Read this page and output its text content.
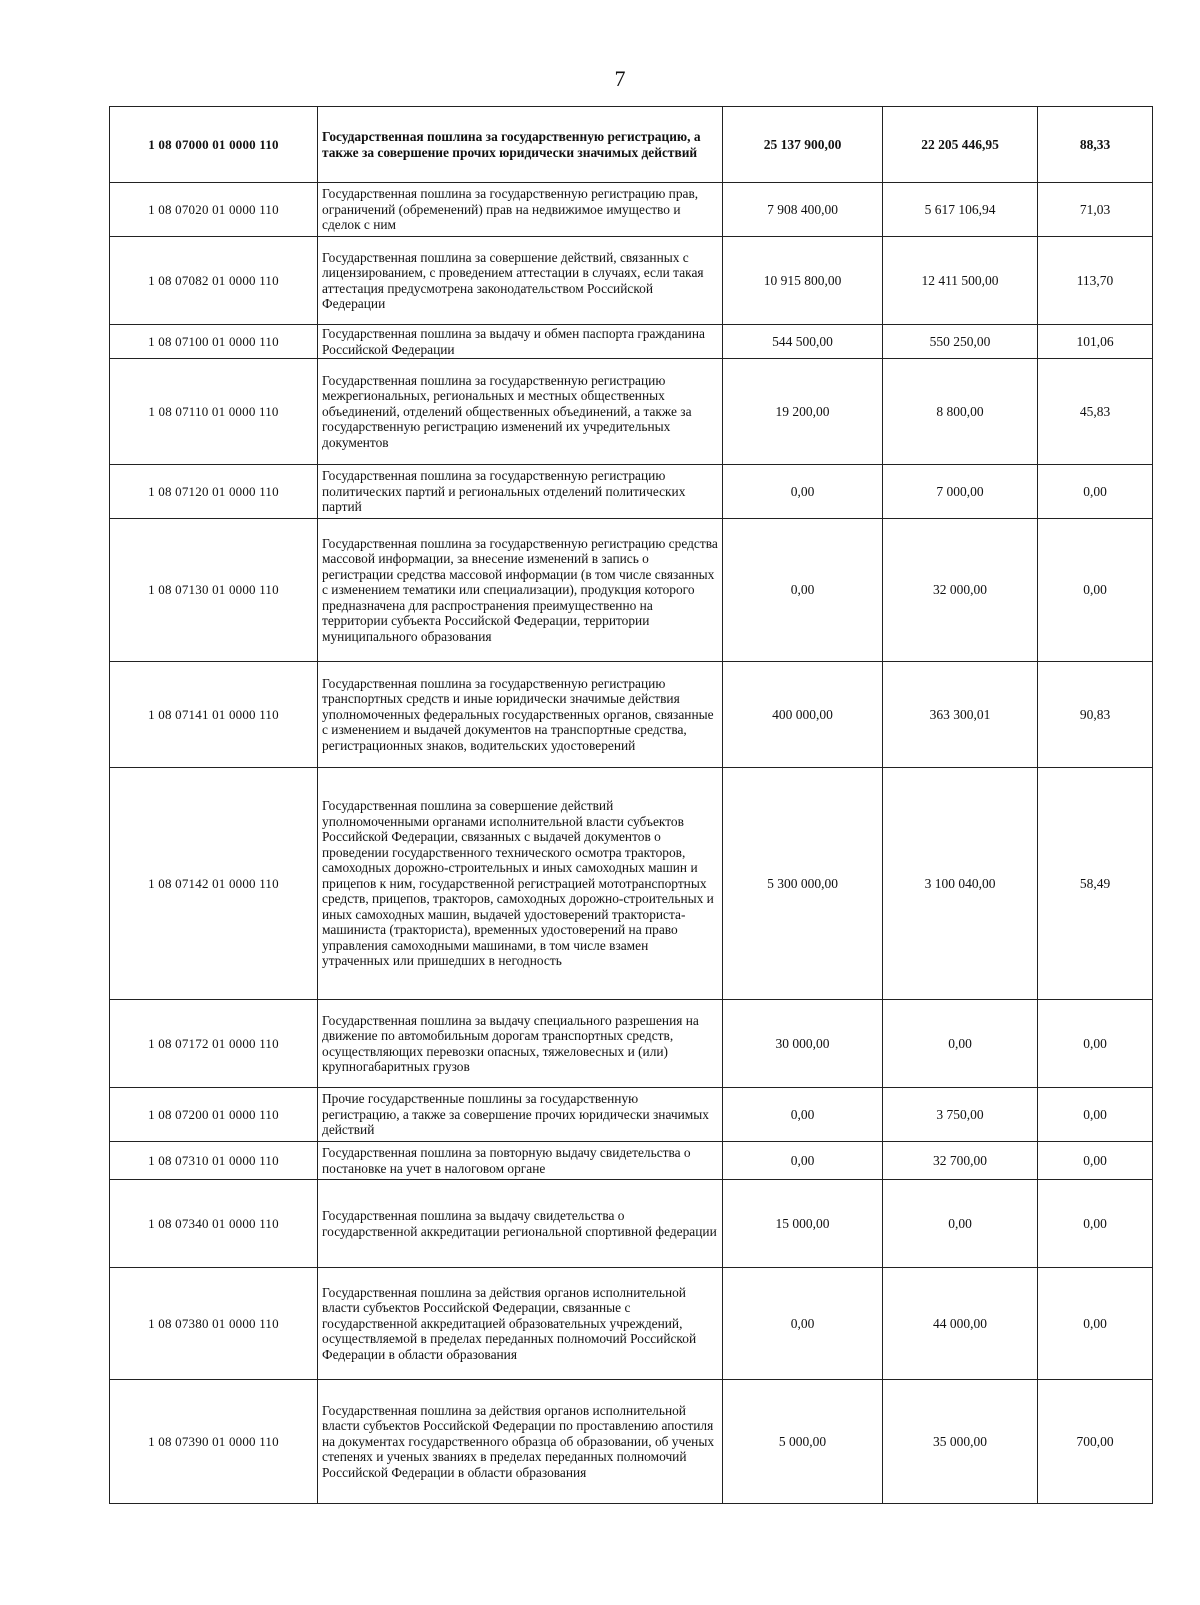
7
1 08 07000 01 0000 110	Государственная пошлина за государственную регистрацию, а также за совершение прочих юридически значимых действий	25 137 900,00	22 205 446,95	88,33
1 08 07020 01 0000 110	Государственная пошлина за государственную регистрацию прав, ограничений (обременений) прав на недвижимое имущество и сделок с ним	7 908 400,00	5 617 106,94	71,03
1 08 07082 01 0000 110	Государственная пошлина за совершение действий, связанных с лицензированием, с проведением аттестации в случаях, если такая аттестация предусмотрена законодательством Российской Федерации	10 915 800,00	12 411 500,00	113,70
1 08 07100 01 0000 110	Государственная пошлина за выдачу и обмен паспорта гражданина Российской Федерации	544 500,00	550 250,00	101,06
1 08 07110 01 0000 110	Государственная пошлина за государственную регистрацию межрегиональных, региональных и местных общественных объединений, отделений общественных объединений, а также за государственную регистрацию изменений их учредительных документов	19 200,00	8 800,00	45,83
1 08 07120 01 0000 110	Государственная пошлина за государственную регистрацию политических партий и региональных отделений политических партий	0,00	7 000,00	0,00
1 08 07130 01 0000 110	Государственная пошлина за государственную регистрацию средства массовой информации, за внесение изменений в запись о регистрации средства массовой информации (в том числе связанных с изменением тематики или специализации), продукция которого предназначена для распространения преимущественно на территории субъекта Российской Федерации, территории муниципального образования	0,00	32 000,00	0,00
1 08 07141 01 0000 110	Государственная пошлина за государственную регистрацию транспортных средств и иные юридически значимые действия уполномоченных федеральных государственных органов, связанные с изменением и выдачей документов на транспортные средства, регистрационных знаков, водительских удостоверений	400 000,00	363 300,01	90,83
1 08 07142 01 0000 110	Государственная пошлина за совершение действий уполномоченными органами исполнительной власти субъектов Российской Федерации, связанных с выдачей документов о проведении государственного технического осмотра тракторов, самоходных дорожно-строительных и иных самоходных машин и прицепов к ним, государственной регистрацией мототранспортных средств, прицепов, тракторов, самоходных дорожно-строительных и иных самоходных машин, выдачей удостоверений тракториста-машиниста (тракториста), временных удостоверений на право управления самоходными машинами, в том числе взамен утраченных или пришедших в негодность	5 300 000,00	3 100 040,00	58,49
1 08 07172 01 0000 110	Государственная пошлина за выдачу специального разрешения на движение по автомобильным дорогам транспортных средств, осуществляющих перевозки опасных, тяжеловесных и (или) крупногабаритных грузов	30 000,00	0,00	0,00
1 08 07200 01 0000 110	Прочие государственные пошлины за государственную регистрацию, а также за совершение прочих юридически значимых действий	0,00	3 750,00	0,00
1 08 07310 01 0000 110	Государственная пошлина за повторную выдачу свидетельства о постановке на учет в налоговом органе	0,00	32 700,00	0,00
1 08 07340 01 0000 110	Государственная пошлина за выдачу свидетельства о государственной аккредитации региональной спортивной федерации	15 000,00	0,00	0,00
1 08 07380 01 0000 110	Государственная пошлина за действия органов исполнительной власти субъектов Российской Федерации, связанные с государственной аккредитацией образовательных учреждений, осуществляемой в пределах переданных полномочий Российской Федерации в области образования	0,00	44 000,00	0,00
1 08 07390 01 0000 110	Государственная пошлина за действия органов исполнительной власти субъектов Российской Федерации по проставлению апостиля на документах государственного образца об образовании, об ученых степенях и ученых званиях в пределах переданных полномочий Российской Федерации в области образования	5 000,00	35 000,00	700,00
